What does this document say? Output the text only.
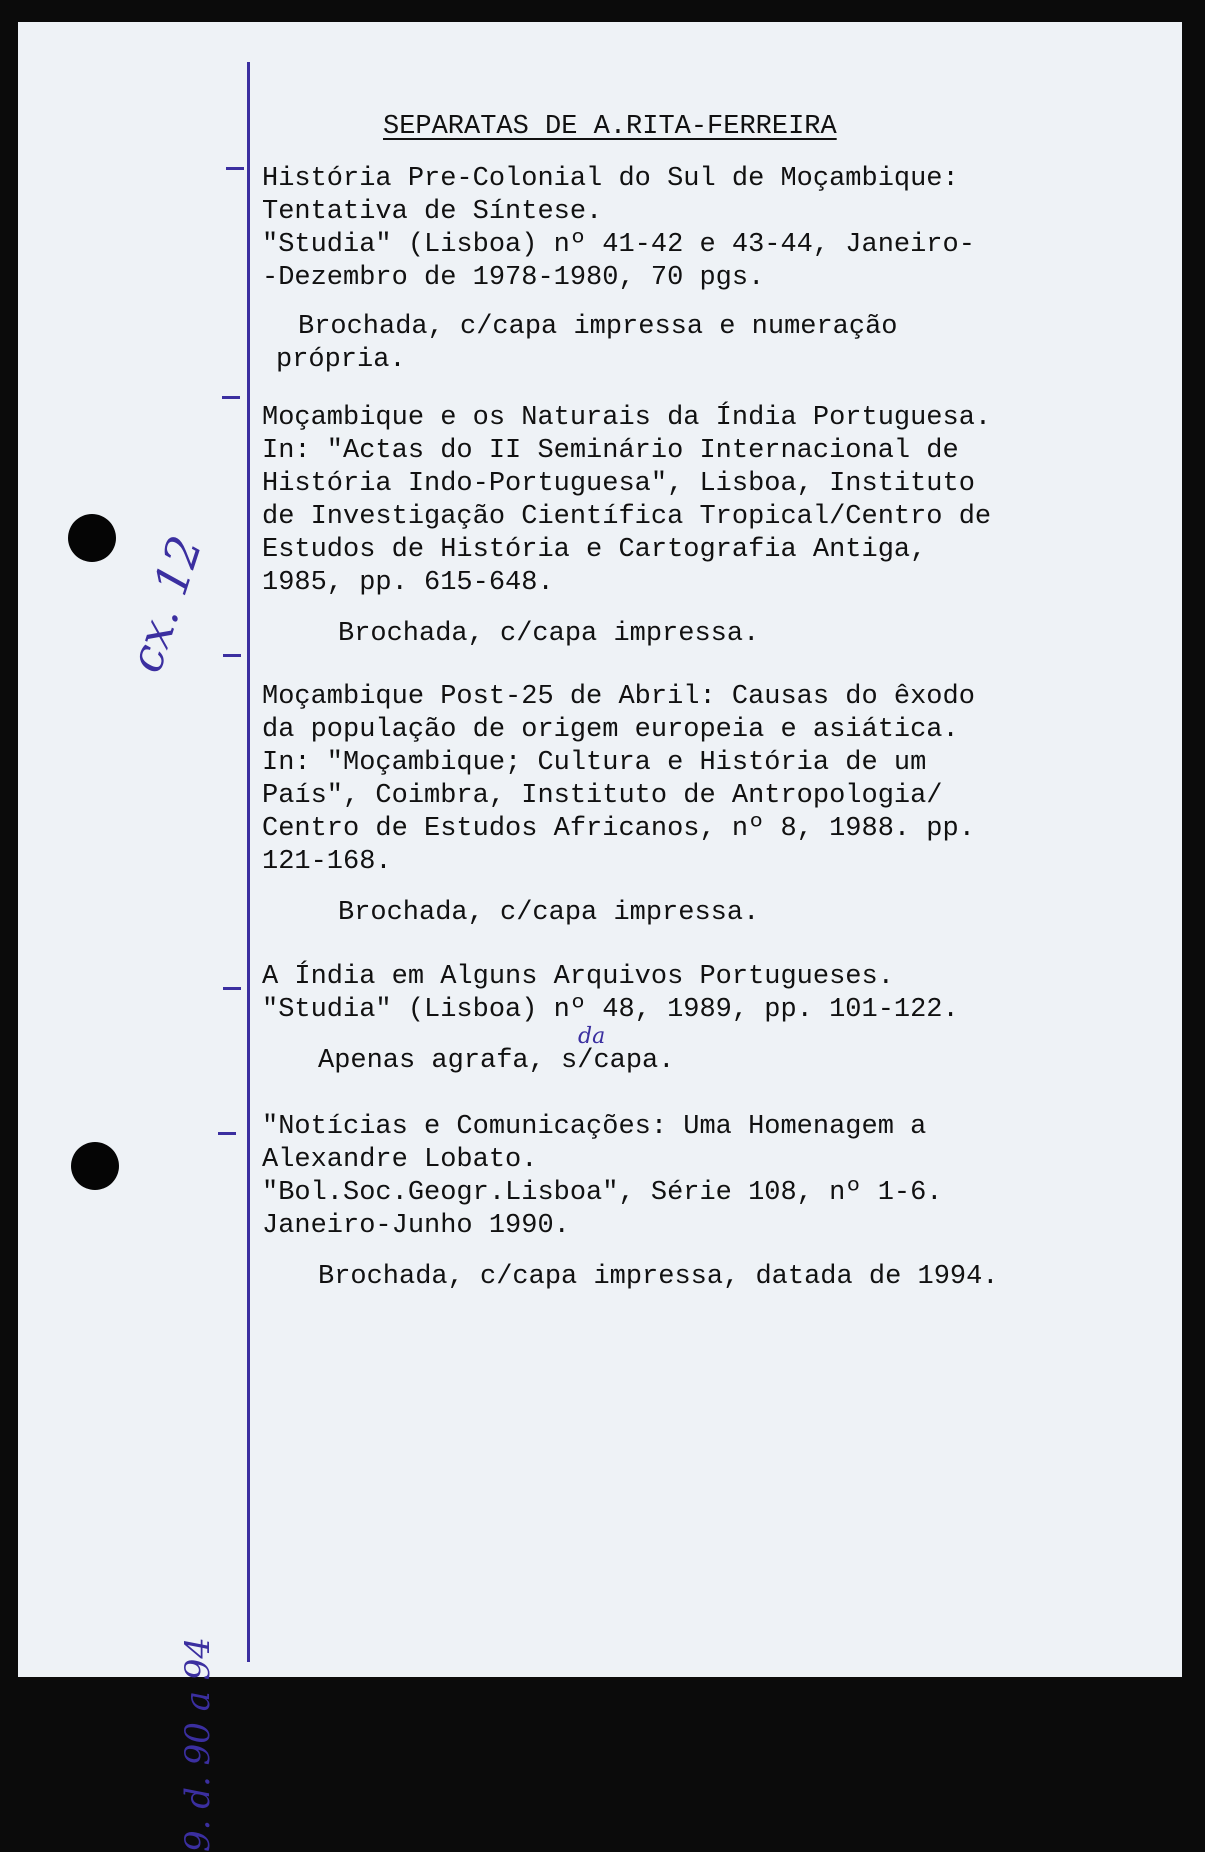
SEPARATAS DE A.RITA-FERREIRA
História Pre-Colonial do Sul de Moçambique:
Tentativa de Síntese.
"Studia" (Lisboa) nº 41-42 e 43-44, Janeiro-
-Dezembro de 1978-1980, 70 pgs.
Brochada, c/capa impressa e numeração
própria.
Moçambique e os Naturais da Índia Portuguesa.
In: "Actas do II Seminário Internacional de
História Indo-Portuguesa", Lisboa, Instituto
de Investigação Científica Tropical/Centro de
Estudos de História e Cartografia Antiga,
1985, pp. 615-648.
Brochada, c/capa impressa.
Moçambique Post-25 de Abril: Causas do êxodo
da população de origem europeia e asiática.
In: "Moçambique; Cultura e História de um
País", Coimbra, Instituto de Antropologia/
Centro de Estudos Africanos, nº 8, 1988. pp.
121-168.
Brochada, c/capa impressa.
A Índia em Alguns Arquivos Portugueses.
"Studia" (Lisboa) nº 48, 1989, pp. 101-122.
Apenas agrafa, s/capa.
"Notícias e Comunicações: Uma Homenagem a
Alexandre Lobato.
"Bol.Soc.Geogr.Lisboa", Série 108, nº 1-6.
Janeiro-Junho 1990.
Brochada, c/capa impressa, datada de 1994.
cx. 12
9. d. 90 a 94
da
